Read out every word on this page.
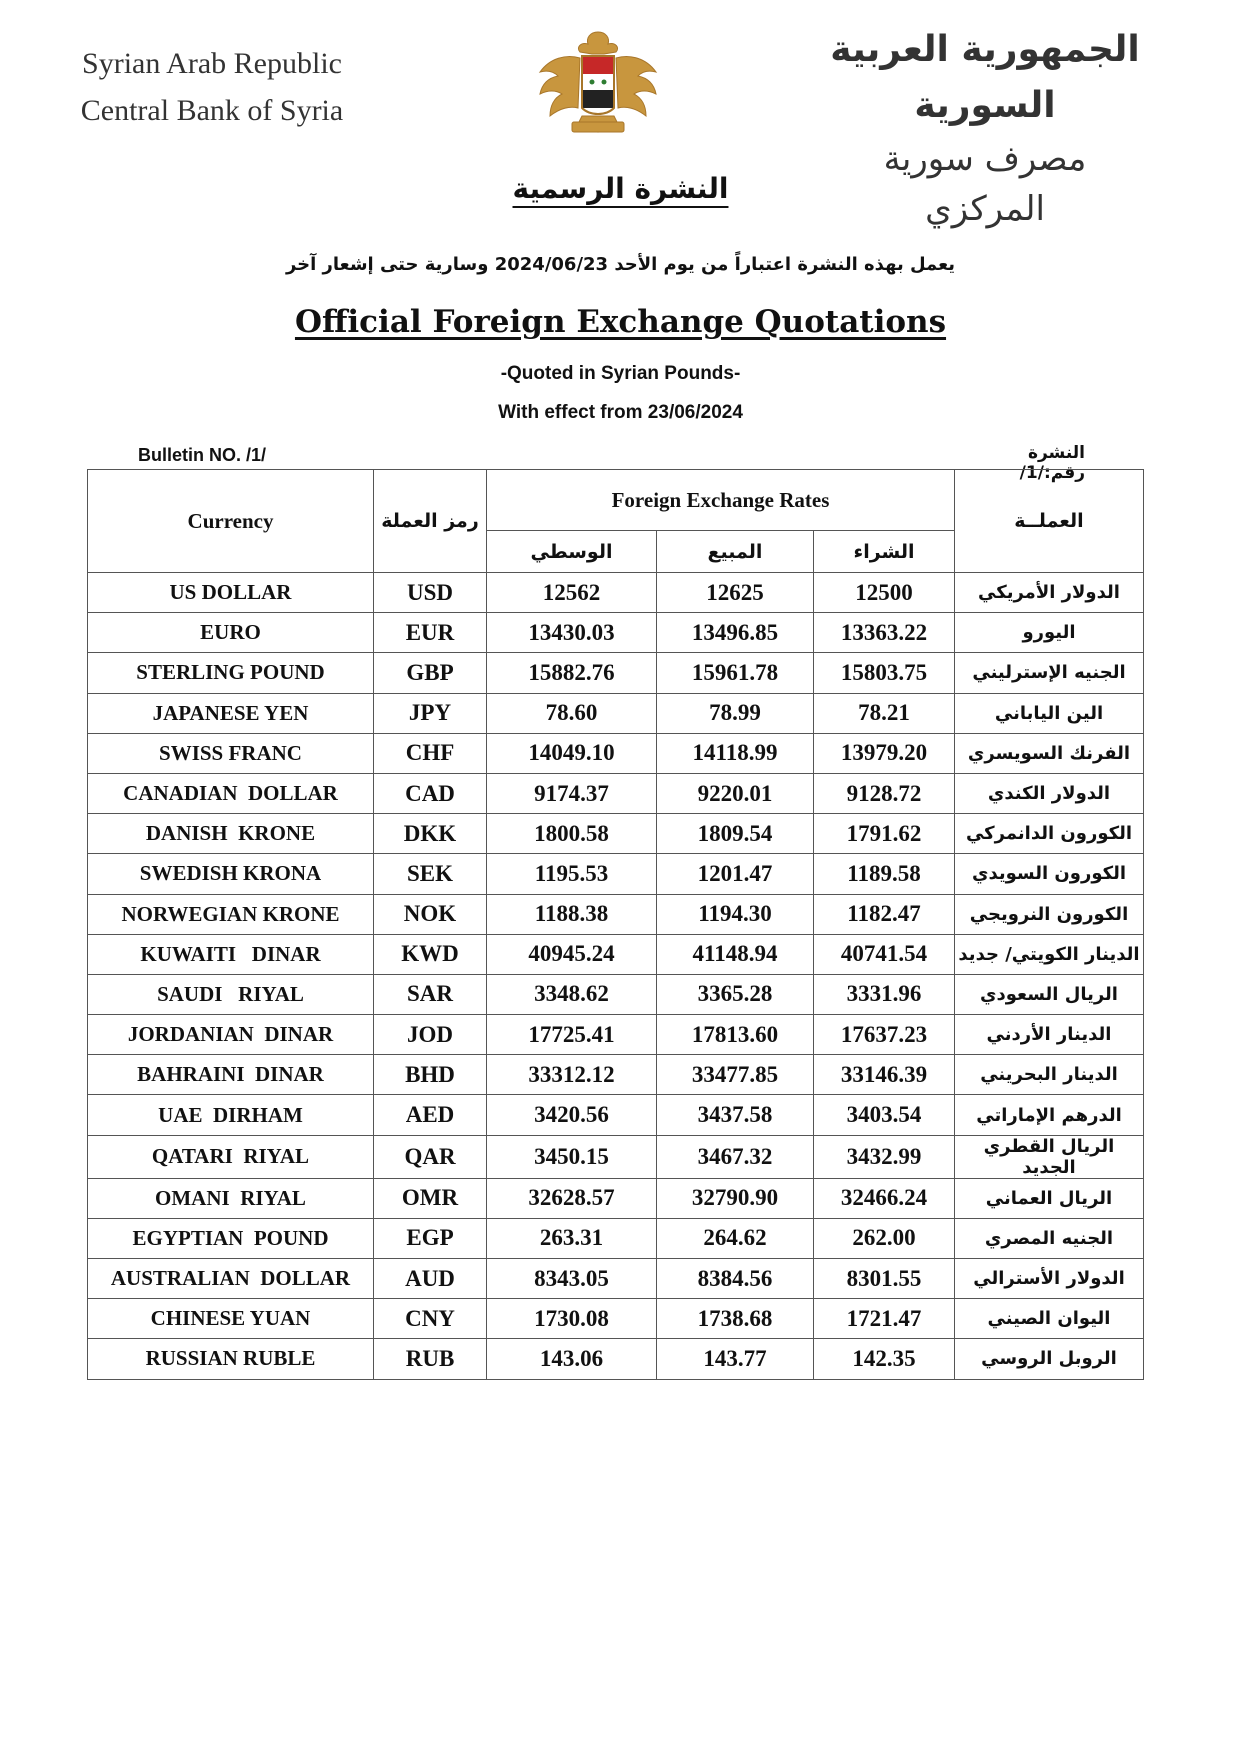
Syrian Arab Republic
Central Bank of Syria
الجمهورية العربية السورية
مصرف سورية المركزي
النشرة الرسمية
يعمل بهذه النشرة اعتباراً من يوم الأحد 2024/06/23 وسارية حتى إشعار آخر
Official Foreign Exchange Quotations
-Quoted in Syrian Pounds-
With effect from 23/06/2024
Bulletin NO. /1/	النشرة رقم:/1/
Currency	رمز العملة	Foreign Exchange Rates			العملــة
		الوسطي	المبيع	الشراء	
US DOLLAR	USD	12562	12625	12500	الدولار الأمريكي
EURO	EUR	13430.03	13496.85	13363.22	اليورو
STERLING POUND	GBP	15882.76	15961.78	15803.75	الجنيه الإسترليني
JAPANESE YEN	JPY	78.60	78.99	78.21	الين الياباني
SWISS FRANC	CHF	14049.10	14118.99	13979.20	الفرنك السويسري
CANADIAN  DOLLAR	CAD	9174.37	9220.01	9128.72	الدولار الكندي
DANISH  KRONE	DKK	1800.58	1809.54	1791.62	الكورون الدانمركي
SWEDISH KRONA	SEK	1195.53	1201.47	1189.58	الكورون السويدي
NORWEGIAN KRONE	NOK	1188.38	1194.30	1182.47	الكورون النرويجي
KUWAITI   DINAR	KWD	40945.24	41148.94	40741.54	الدينار الكويتي/ جديد
SAUDI   RIYAL	SAR	3348.62	3365.28	3331.96	الريال السعودي
JORDANIAN  DINAR	JOD	17725.41	17813.60	17637.23	الدينار الأردني
BAHRAINI  DINAR	BHD	33312.12	33477.85	33146.39	الدينار البحريني
UAE  DIRHAM	AED	3420.56	3437.58	3403.54	الدرهم الإماراتي
QATARI  RIYAL	QAR	3450.15	3467.32	3432.99	الريال القطري الجديد
OMANI  RIYAL	OMR	32628.57	32790.90	32466.24	الريال العماني
EGYPTIAN  POUND	EGP	263.31	264.62	262.00	الجنيه المصري
AUSTRALIAN  DOLLAR	AUD	8343.05	8384.56	8301.55	الدولار الأسترالي
CHINESE YUAN	CNY	1730.08	1738.68	1721.47	اليوان الصيني
RUSSIAN RUBLE	RUB	143.06	143.77	142.35	الروبل الروسي
